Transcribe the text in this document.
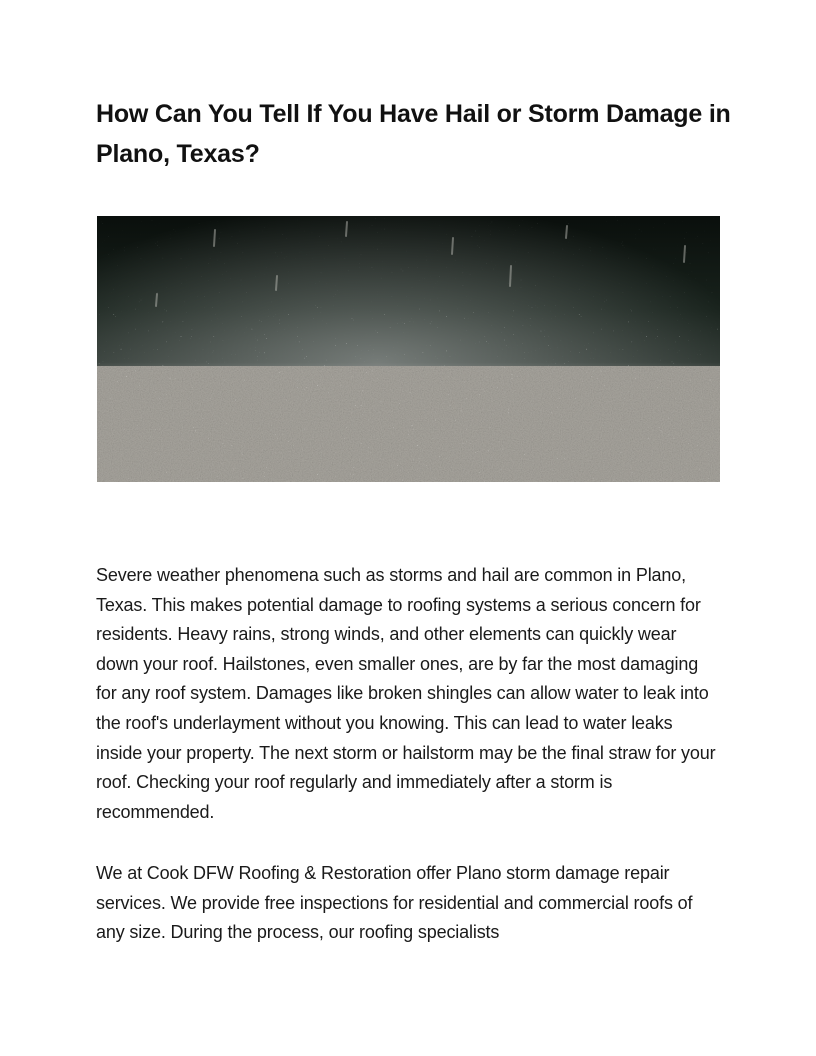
How Can You Tell If You Have Hail or Storm Damage in Plano, Texas?

Severe weather phenomena such as storms and hail are common in Plano, Texas. This makes potential damage to roofing systems a serious concern for residents. Heavy rains, strong winds, and other elements can quickly wear down your roof. Hailstones, even smaller ones, are by far the most damaging for any roof system. Damages like broken shingles can allow water to leak into the roof's underlayment without you knowing. This can lead to water leaks inside your property. The next storm or hailstorm may be the final straw for your roof. Checking your roof regularly and immediately after a storm is recommended.

We at Cook DFW Roofing & Restoration offer Plano storm damage repair services. We provide free inspections for residential and commercial roofs of any size. During the process, our roofing specialists
